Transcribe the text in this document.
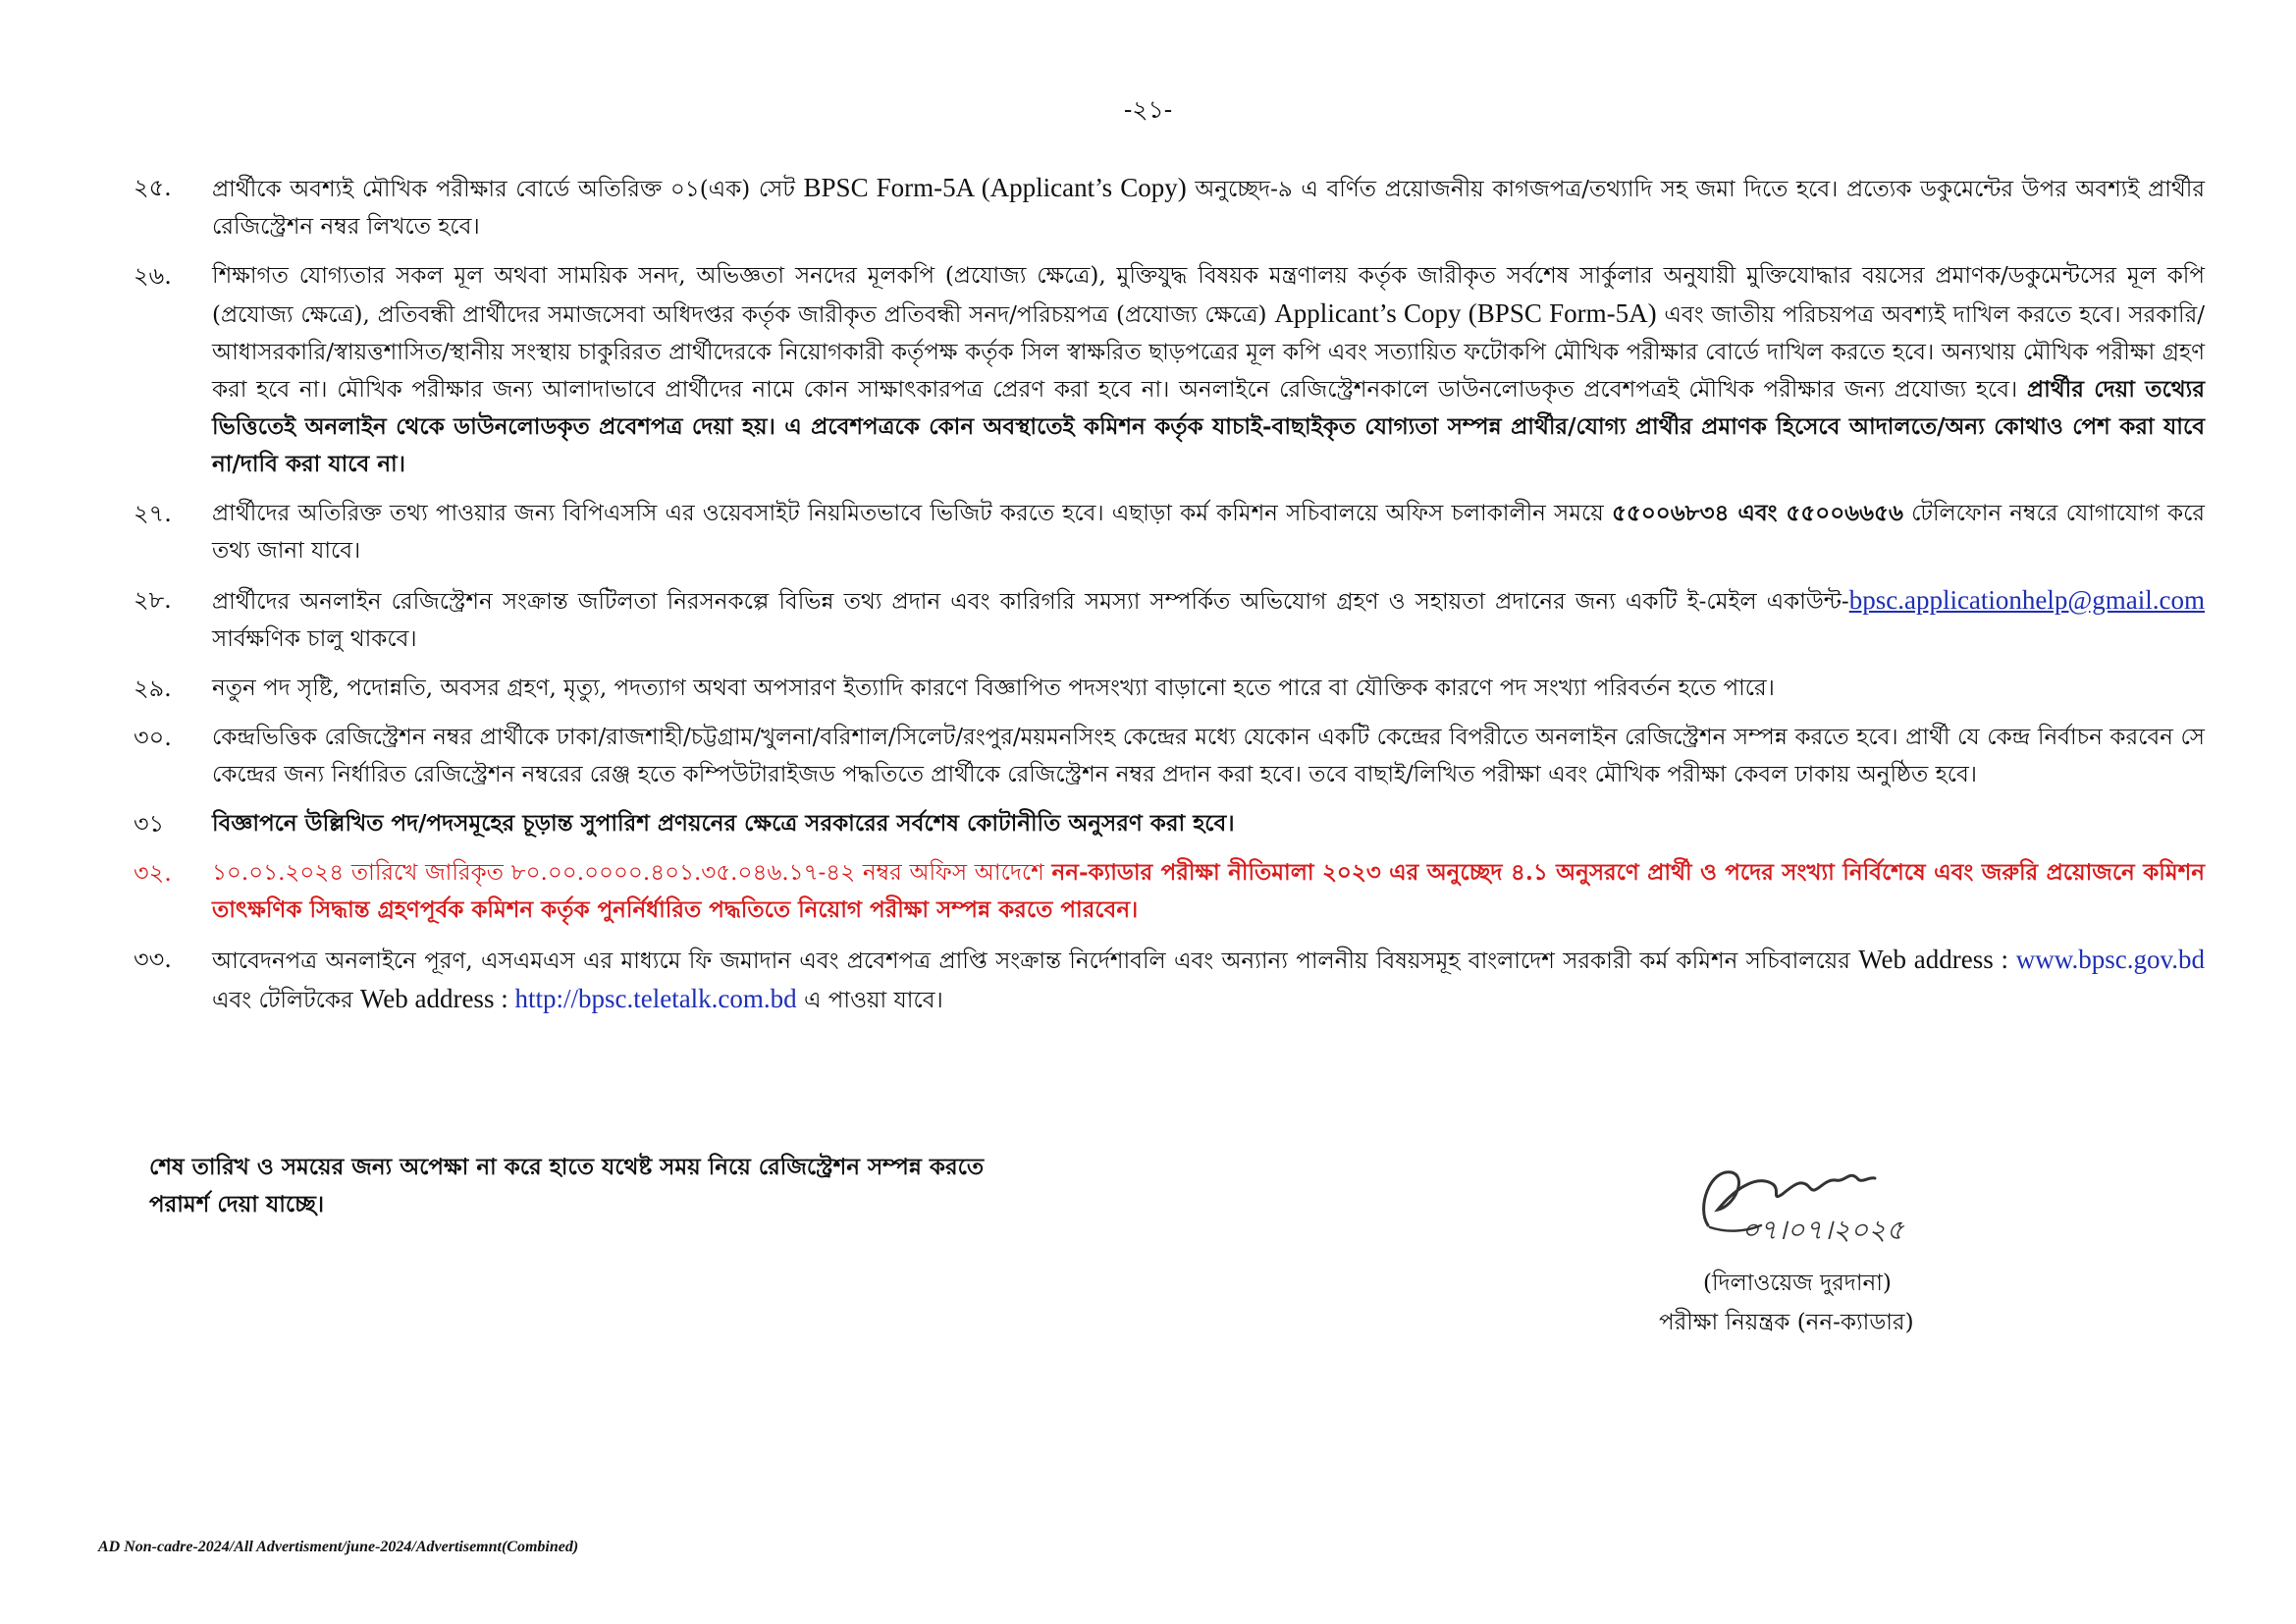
-২১-
২৫.	প্রার্থীকে অবশ্যই মৌখিক পরীক্ষার বোর্ডে অতিরিক্ত ০১(এক) সেট BPSC Form-5A (Applicant’s Copy) অনুচ্ছেদ-৯ এ বর্ণিত প্রয়োজনীয় কাগজপত্র/তথ্যাদি সহ জমা দিতে হবে। প্রত্যেক ডকুমেন্টের উপর অবশ্যই প্রার্থীর রেজিস্ট্রেশন নম্বর লিখতে হবে।
২৬.	শিক্ষাগত যোগ্যতার সকল মূল অথবা সাময়িক সনদ, অভিজ্ঞতা সনদের মূলকপি (প্রযোজ্য ক্ষেত্রে), মুক্তিযুদ্ধ বিষয়ক মন্ত্রণালয় কর্তৃক জারীকৃত সর্বশেষ সার্কুলার অনুযায়ী মুক্তিযোদ্ধার বয়সের প্রমাণক/ডকুমেন্টসের মূল কপি (প্রযোজ্য ক্ষেত্রে), প্রতিবন্ধী প্রার্থীদের সমাজসেবা অধিদপ্তর কর্তৃক জারীকৃত প্রতিবন্ধী সনদ/পরিচয়পত্র (প্রযোজ্য ক্ষেত্রে) Applicant’s Copy (BPSC Form-5A) এবং জাতীয় পরিচয়পত্র অবশ্যই দাখিল করতে হবে। সরকারি/ আধাসরকারি/স্বায়ত্তশাসিত/স্থানীয় সংস্থায় চাকুরিরত প্রার্থীদেরকে নিয়োগকারী কর্তৃপক্ষ কর্তৃক সিল স্বাক্ষরিত ছাড়পত্রের মূল কপি এবং সত্যায়িত ফটোকপি মৌখিক পরীক্ষার বোর্ডে দাখিল করতে হবে। অন্যথায় মৌখিক পরীক্ষা গ্রহণ করা হবে না। মৌখিক পরীক্ষার জন্য আলাদাভাবে প্রার্থীদের নামে কোন সাক্ষাৎকারপত্র প্রেরণ করা হবে না। অনলাইনে রেজিস্ট্রেশনকালে ডাউনলোডকৃত প্রবেশপত্রই মৌখিক পরীক্ষার জন্য প্রযোজ্য হবে। প্রার্থীর দেয়া তথ্যের ভিত্তিতেই অনলাইন থেকে ডাউনলোডকৃত প্রবেশপত্র দেয়া হয়। এ প্রবেশপত্রকে কোন অবস্থাতেই কমিশন কর্তৃক যাচাই-বাছাইকৃত যোগ্যতা সম্পন্ন প্রার্থীর/যোগ্য প্রার্থীর প্রমাণক হিসেবে আদালতে/অন্য কোথাও পেশ করা যাবে না/দাবি করা যাবে না।
২৭.	প্রার্থীদের অতিরিক্ত তথ্য পাওয়ার জন্য বিপিএসসি এর ওয়েবসাইট নিয়মিতভাবে ভিজিট করতে হবে। এছাড়া কর্ম কমিশন সচিবালয়ে অফিস চলাকালীন সময়ে ৫৫০০৬৮৩৪ এবং ৫৫০০৬৬৫৬ টেলিফোন নম্বরে যোগাযোগ করে তথ্য জানা যাবে।
২৮.	প্রার্থীদের অনলাইন রেজিস্ট্রেশন সংক্রান্ত জটিলতা নিরসনকল্পে বিভিন্ন তথ্য প্রদান এবং কারিগরি সমস্যা সম্পর্কিত অভিযোগ গ্রহণ ও সহায়তা প্রদানের জন্য একটি ই-মেইল একাউন্ট-bpsc.applicationhelp@gmail.com সার্বক্ষণিক চালু থাকবে।
২৯.	নতুন পদ সৃষ্টি, পদোন্নতি, অবসর গ্রহণ, মৃত্যু, পদত্যাগ অথবা অপসারণ ইত্যাদি কারণে বিজ্ঞাপিত পদসংখ্যা বাড়ানো হতে পারে বা যৌক্তিক কারণে পদ সংখ্যা পরিবর্তন হতে পারে।
৩০.	কেন্দ্রভিত্তিক রেজিস্ট্রেশন নম্বর প্রার্থীকে ঢাকা/রাজশাহী/চট্টগ্রাম/খুলনা/বরিশাল/সিলেট/রংপুর/ময়মনসিংহ কেন্দ্রের মধ্যে যেকোন একটি কেন্দ্রের বিপরীতে অনলাইন রেজিস্ট্রেশন সম্পন্ন করতে হবে। প্রার্থী যে কেন্দ্র নির্বাচন করবেন সে কেন্দ্রের জন্য নির্ধারিত রেজিস্ট্রেশন নম্বরের রেঞ্জ হতে কম্পিউটারাইজড পদ্ধতিতে প্রার্থীকে রেজিস্ট্রেশন নম্বর প্রদান করা হবে। তবে বাছাই/লিখিত পরীক্ষা এবং মৌখিক পরীক্ষা কেবল ঢাকায় অনুষ্ঠিত হবে।
৩১	বিজ্ঞাপনে উল্লিখিত পদ/পদসমূহের চূড়ান্ত সুপারিশ প্রণয়নের ক্ষেত্রে সরকারের সর্বশেষ কোটানীতি অনুসরণ করা হবে।
৩২.	১০.০১.২০২৪ তারিখে জারিকৃত ৮০.০০.০০০০.৪০১.৩৫.০৪৬.১৭-৪২ নম্বর অফিস আদেশে নন-ক্যাডার পরীক্ষা নীতিমালা ২০২৩ এর অনুচ্ছেদ ৪.১ অনুসরণে প্রার্থী ও পদের সংখ্যা নির্বিশেষে এবং জরুরি প্রয়োজনে কমিশন তাৎক্ষণিক সিদ্ধান্ত গ্রহণপূর্বক কমিশন কর্তৃক পুনর্নির্ধারিত পদ্ধতিতে নিয়োগ পরীক্ষা সম্পন্ন করতে পারবেন।
৩৩.	আবেদনপত্র অনলাইনে পূরণ, এসএমএস এর মাধ্যমে ফি জমাদান এবং প্রবেশপত্র প্রাপ্তি সংক্রান্ত নির্দেশাবলি এবং অন্যান্য পালনীয় বিষয়সমূহ বাংলাদেশ সরকারী কর্ম কমিশন সচিবালয়ের Web address : www.bpsc.gov.bd এবং টেলিটকের Web address : http://bpsc.teletalk.com.bd এ পাওয়া যাবে।
শেষ তারিখ ও সময়ের জন্য অপেক্ষা না করে হাতে যথেষ্ট সময় নিয়ে রেজিস্ট্রেশন সম্পন্ন করতে
পরামর্শ দেয়া যাচ্ছে।
০৭।০৭।২০২৫
(দিলাওয়েজ দুরদানা)
পরীক্ষা নিয়ন্ত্রক (নন-ক্যাডার)
AD Non-cadre-2024/All Advertisment/june-2024/Advertisemnt(Combined)
